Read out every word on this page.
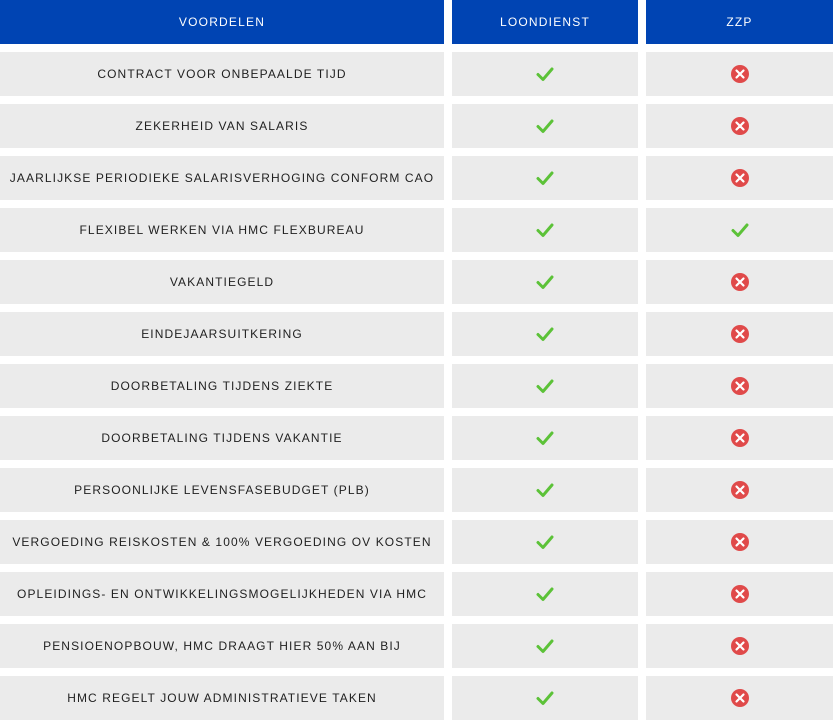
VOORDELEN	LOONDIENST	ZZP
CONTRACT VOOR ONBEPAALDE TIJD
ZEKERHEID VAN SALARIS
JAARLIJKSE PERIODIEKE SALARISVERHOGING CONFORM CAO
FLEXIBEL WERKEN VIA HMC FLEXBUREAU
VAKANTIEGELD
EINDEJAARSUITKERING
DOORBETALING TIJDENS ZIEKTE
DOORBETALING TIJDENS VAKANTIE
PERSOONLIJKE LEVENSFASEBUDGET (PLB)
VERGOEDING REISKOSTEN & 100% VERGOEDING OV KOSTEN
OPLEIDINGS- EN ONTWIKKELINGSMOGELIJKHEDEN VIA HMC
PENSIOENOPBOUW, HMC DRAAGT HIER 50% AAN BIJ
HMC REGELT JOUW ADMINISTRATIEVE TAKEN
